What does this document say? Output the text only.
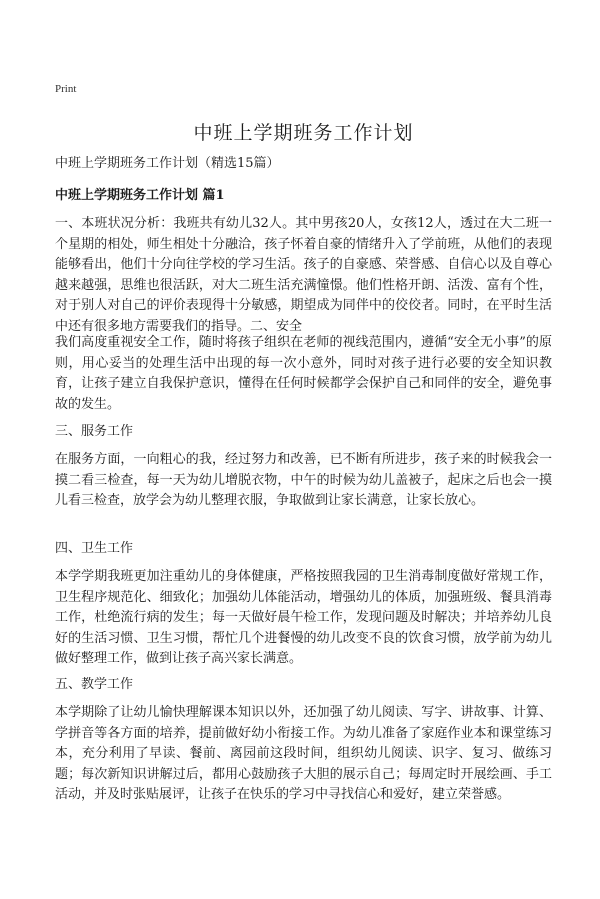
Print
中班上学期班务工作计划
中班上学期班务工作计划（精选15篇）
中班上学期班务工作计划 篇1

一、本班状况分析：我班共有幼儿32人。其中男孩20人，女孩12人，透过在大二班一个星期的相处，师生相处十分融洽，孩子怀着自豪的情绪升入了学前班，从他们的表现能够看出，他们十分向往学校的学习生活。孩子的自豪感、荣誉感、自信心以及自尊心越来越强，思维也很活跃，对大二班生活充满憧憬。他们性格开朗、活泼、富有个性，对于别人对自己的评价表现得十分敏感，期望成为同伴中的佼佼者。同时，在平时生活中还有很多地方需要我们的指导。二、安全

我们高度重视安全工作，随时将孩子组织在老师的视线范围内，遵循“安全无小事”的原则，用心妥当的处理生活中出现的每一次小意外，同时对孩子进行必要的安全知识教育，让孩子建立自我保护意识，懂得在任何时候都学会保护自己和同伴的安全，避免事故的发生。

三、服务工作

在服务方面，一向粗心的我，经过努力和改善，已不断有所进步，孩子来的时候我会一摸二看三检查，每一天为幼儿增脱衣物，中午的时候为幼儿盖被子，起床之后也会一摸儿看三检查，放学会为幼儿整理衣服，争取做到让家长满意，让家长放心。

四、卫生工作

本学学期我班更加注重幼儿的身体健康，严格按照我园的卫生消毒制度做好常规工作，卫生程序规范化、细致化；加强幼儿体能活动，增强幼儿的体质，加强班级、餐具消毒工作，杜绝流行病的发生；每一天做好晨午检工作，发现问题及时解决；并培养幼儿良好的生活习惯、卫生习惯，帮忙几个进餐慢的幼儿改变不良的饮食习惯，放学前为幼儿做好整理工作，做到让孩子高兴家长满意。

五、教学工作

本学期除了让幼儿愉快理解课本知识以外，还加强了幼儿阅读、写字、讲故事、计算、学拼音等各方面的培养，提前做好幼小衔接工作。为幼儿准备了家庭作业本和课堂练习本，充分利用了早读、餐前、离园前这段时间，组织幼儿阅读、识字、复习、做练习题；每次新知识讲解过后，都用心鼓励孩子大胆的展示自己；每周定时开展绘画、手工活动，并及时张贴展评，让孩子在快乐的学习中寻找信心和爱好，建立荣誉感。
